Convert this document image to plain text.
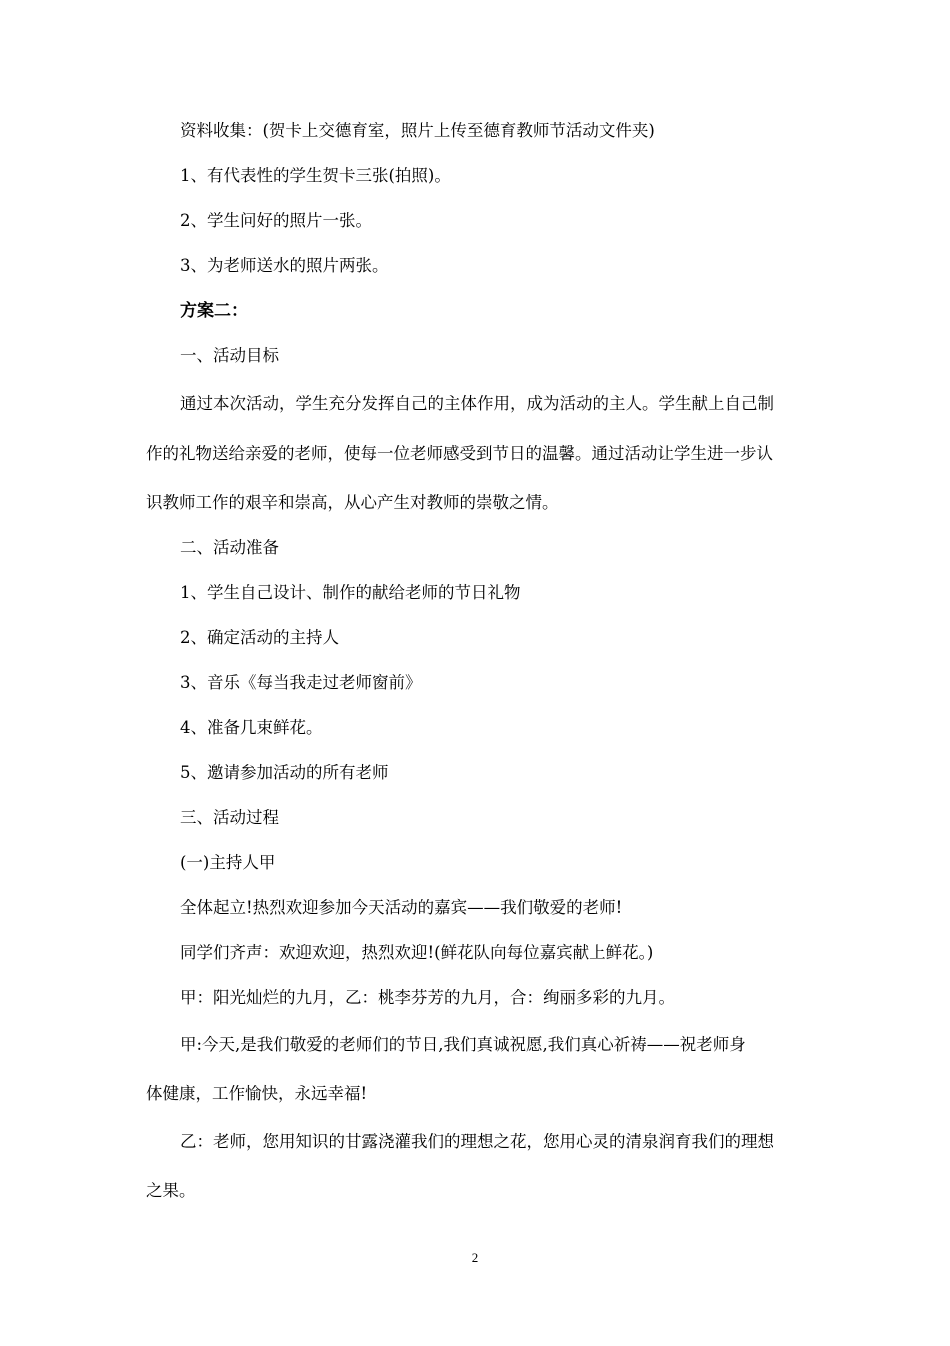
资料收集：(贺卡上交德育室，照片上传至德育教师节活动文件夹)
1、有代表性的学生贺卡三张(拍照)。
2、学生问好的照片一张。
3、为老师送水的照片两张。
方案二：
一、活动目标
通过本次活动，学生充分发挥自己的主体作用，成为活动的主人。学生献上自己制
作的礼物送给亲爱的老师，使每一位老师感受到节日的温馨。通过活动让学生进一步认
识教师工作的艰辛和崇高，从心产生对教师的崇敬之情。
二、活动准备
1、学生自己设计、制作的献给老师的节日礼物
2、确定活动的主持人
3、音乐《每当我走过老师窗前》
4、准备几束鲜花。
5、邀请参加活动的所有老师
三、活动过程
(一)主持人甲
全体起立!热烈欢迎参加今天活动的嘉宾——我们敬爱的老师!
同学们齐声：欢迎欢迎，热烈欢迎!(鲜花队向每位嘉宾献上鲜花。)
甲：阳光灿烂的九月，乙：桃李芬芳的九月，合：绚丽多彩的九月。
甲:今天,是我们敬爱的老师们的节日,我们真诚祝愿,我们真心祈祷——祝老师身
体健康，工作愉快，永远幸福!
乙：老师，您用知识的甘露浇灌我们的理想之花，您用心灵的清泉润育我们的理想
之果。
2
